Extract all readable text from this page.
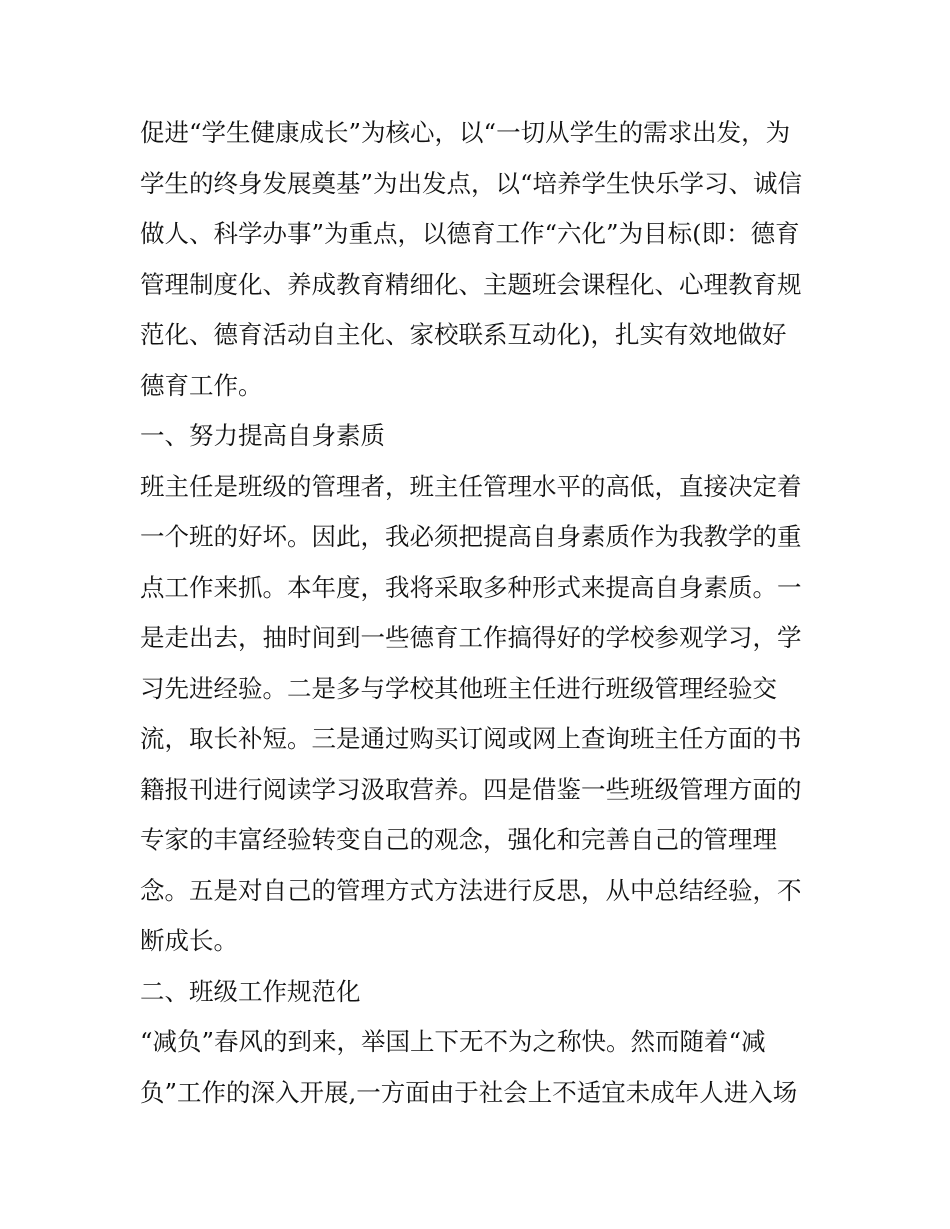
促进“学生健康成长”为核心，以“一切从学生的需求出发，为
学生的终身发展奠基”为出发点，以“培养学生快乐学习、诚信
做人、科学办事”为重点，以德育工作“六化”为目标(即：德育
管理制度化、养成教育精细化、主题班会课程化、心理教育规
范化、德育活动自主化、家校联系互动化)，扎实有效地做好
德育工作。
一、努力提高自身素质
班主任是班级的管理者，班主任管理水平的高低，直接决定着
一个班的好坏。因此，我必须把提高自身素质作为我教学的重
点工作来抓。本年度，我将采取多种形式来提高自身素质。一
是走出去，抽时间到一些德育工作搞得好的学校参观学习，学
习先进经验。二是多与学校其他班主任进行班级管理经验交
流，取长补短。三是通过购买订阅或网上查询班主任方面的书
籍报刊进行阅读学习汲取营养。四是借鉴一些班级管理方面的
专家的丰富经验转变自己的观念，强化和完善自己的管理理
念。五是对自己的管理方式方法进行反思，从中总结经验，不
断成长。
二、班级工作规范化
“减负”春风的到来，举国上下无不为之称快。然而随着“减
负”工作的深入开展,一方面由于社会上不适宜未成年人进入场
